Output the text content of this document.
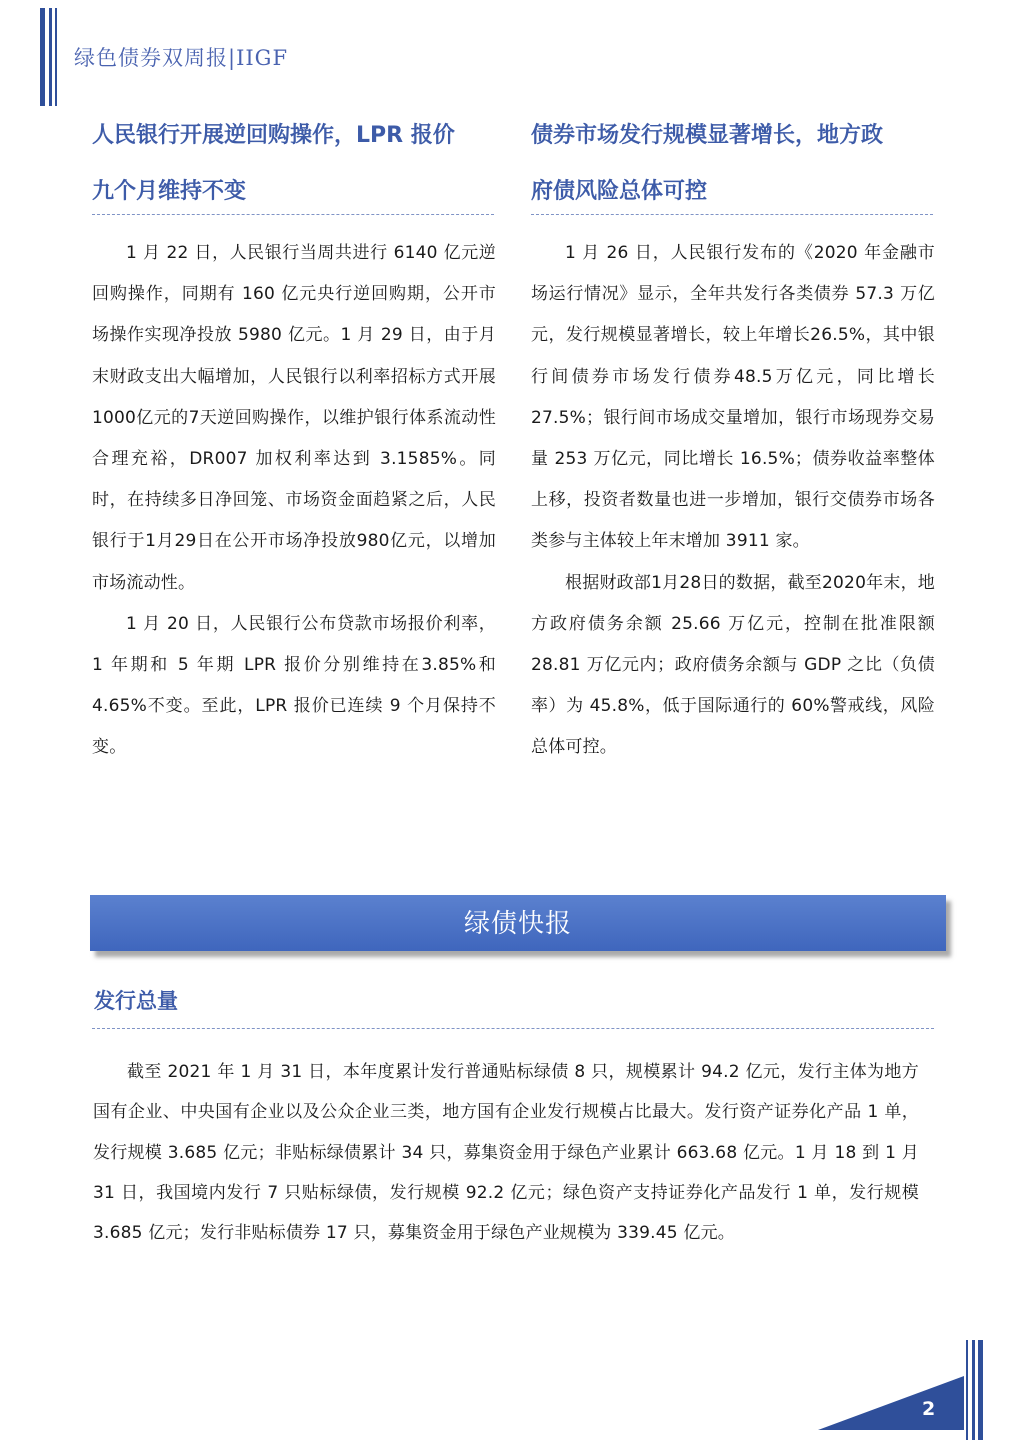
绿色债券双周报|IIGF
人民银行开展逆回购操作，LPR 报价
九个月维持不变

1 月 22 日，人民银行当周共进行 6140 亿元逆回购操作，同期有 160 亿元央行逆回购期，公开市场操作实现净投放 5980 亿元。1 月 29 日，由于月末财政支出大幅增加，人民银行以利率招标方式开展1000亿元的7天逆回购操作，以维护银行体系流动性合理充裕，DR007 加权利率达到 3.1585%。同时，在持续多日净回笼、市场资金面趋紧之后，人民银行于1月29日在公开市场净投放980亿元，以增加市场流动性。

1 月 20 日，人民银行公布贷款市场报价利率，1 年期和 5 年期 LPR 报价分别维持在3.85%和 4.65%不变。至此，LPR 报价已连续 9 个月保持不变。

债券市场发行规模显著增长，地方政
府债风险总体可控

1 月 26 日，人民银行发布的《2020 年金融市场运行情况》显示，全年共发行各类债券 57.3 万亿元，发行规模显著增长，较上年增长26.5%，其中银行间债券市场发行债券48.5万亿元，同比增长 27.5%；银行间市场成交量增加，银行市场现券交易量 253 万亿元，同比增长 16.5%；债券收益率整体上移，投资者数量也进一步增加，银行交债券市场各类参与主体较上年末增加 3911 家。

根据财政部1月28日的数据，截至2020年末，地方政府债务余额 25.66 万亿元，控制在批准限额 28.81 万亿元内；政府债务余额与 GDP 之比（负债率）为 45.8%，低于国际通行的 60%警戒线，风险总体可控。

绿债快报
发行总量

截至 2021 年 1 月 31 日，本年度累计发行普通贴标绿债 8 只，规模累计 94.2 亿元，发行主体为地方国有企业、中央国有企业以及公众企业三类，地方国有企业发行规模占比最大。发行资产证券化产品 1 单，发行规模 3.685 亿元；非贴标绿债累计 34 只，募集资金用于绿色产业累计 663.68 亿元。1 月 18 到 1 月 31 日，我国境内发行 7 只贴标绿债，发行规模 92.2 亿元；绿色资产支持证券化产品发行 1 单，发行规模 3.685 亿元；发行非贴标债券 17 只，募集资金用于绿色产业规模为 339.45 亿元。

2
